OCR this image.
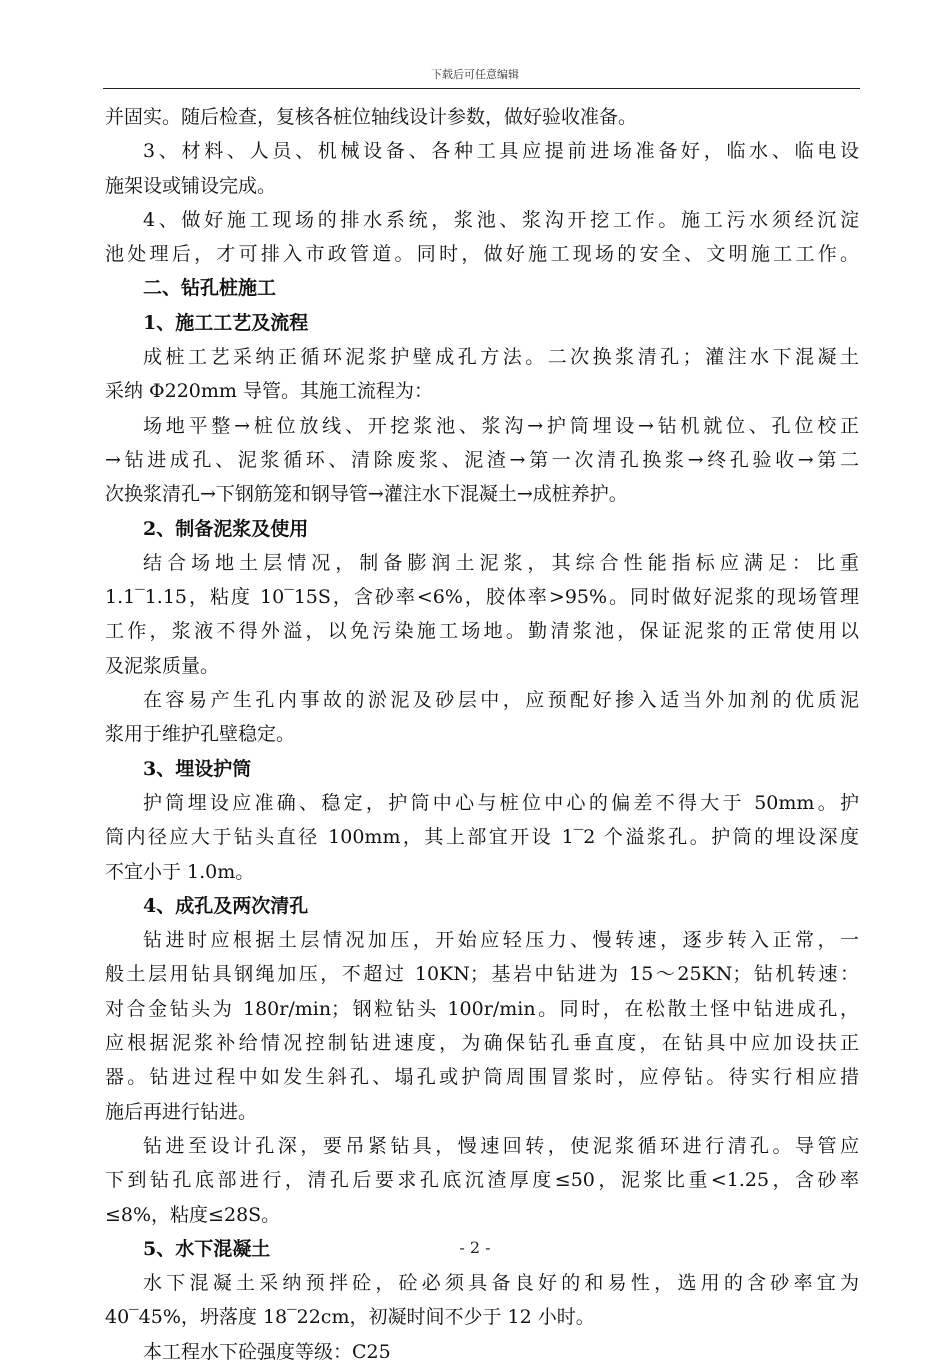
下载后可任意编辑
并固实。随后检查，复核各桩位轴线设计参数，做好验收准备。
3、材料、人员、机械设备、各种工具应提前进场准备好，临水、临电设
施架设或铺设完成。
4、做好施工现场的排水系统，浆池、浆沟开挖工作。施工污水须经沉淀
池处理后，才可排入市政管道。同时，做好施工现场的安全、文明施工工作。
二、钻孔桩施工
1、施工工艺及流程
成桩工艺采纳正循环泥浆护壁成孔方法。二次换浆清孔；灌注水下混凝土
采纳 Φ220mm 导管。其施工流程为：
场地平整→桩位放线、开挖浆池、浆沟→护筒埋设→钻机就位、孔位校正
→钻进成孔、泥浆循环、清除废浆、泥渣→第一次清孔换浆→终孔验收→第二
次换浆清孔→下钢筋笼和钢导管→灌注水下混凝土→成桩养护。
2、制备泥浆及使用
结合场地土层情况，制备膨润土泥浆，其综合性能指标应满足：比重
1.1‾1.15，粘度 10‾15S，含砂率<6%，胶体率>95%。同时做好泥浆的现场管理
工作，浆液不得外溢，以免污染施工场地。勤清浆池，保证泥浆的正常使用以
及泥浆质量。
在容易产生孔内事故的淤泥及砂层中，应预配好掺入适当外加剂的优质泥
浆用于维护孔壁稳定。
3、埋设护筒
护筒埋设应准确、稳定，护筒中心与桩位中心的偏差不得大于 50mm。护
筒内径应大于钻头直径 100mm，其上部宜开设 1‾2 个溢浆孔。护筒的埋设深度
不宜小于 1.0m。
4、成孔及两次清孔
钻进时应根据土层情况加压，开始应轻压力、慢转速，逐步转入正常，一
般土层用钻具钢绳加压，不超过 10KN；基岩中钻进为 15～25KN；钻机转速：
对合金钻头为 180r/min；钢粒钻头 100r/min。同时，在松散土怪中钻进成孔，
应根据泥浆补给情况控制钻进速度，为确保钻孔垂直度，在钻具中应加设扶正
器。钻进过程中如发生斜孔、塌孔或护筒周围冒浆时，应停钻。待实行相应措
施后再进行钻进。
钻进至设计孔深，要吊紧钻具，慢速回转，使泥浆循环进行清孔。导管应
下到钻孔底部进行，清孔后要求孔底沉渣厚度≤50，泥浆比重<1.25，含砂率
≤8%，粘度≤28S。
5、水下混凝土
水下混凝土采纳预拌砼，砼必须具备良好的和易性，选用的含砂率宜为
40‾45%，坍落度 18‾22cm，初凝时间不少于 12 小时。
本工程水下砼强度等级：C25
- 2 -
